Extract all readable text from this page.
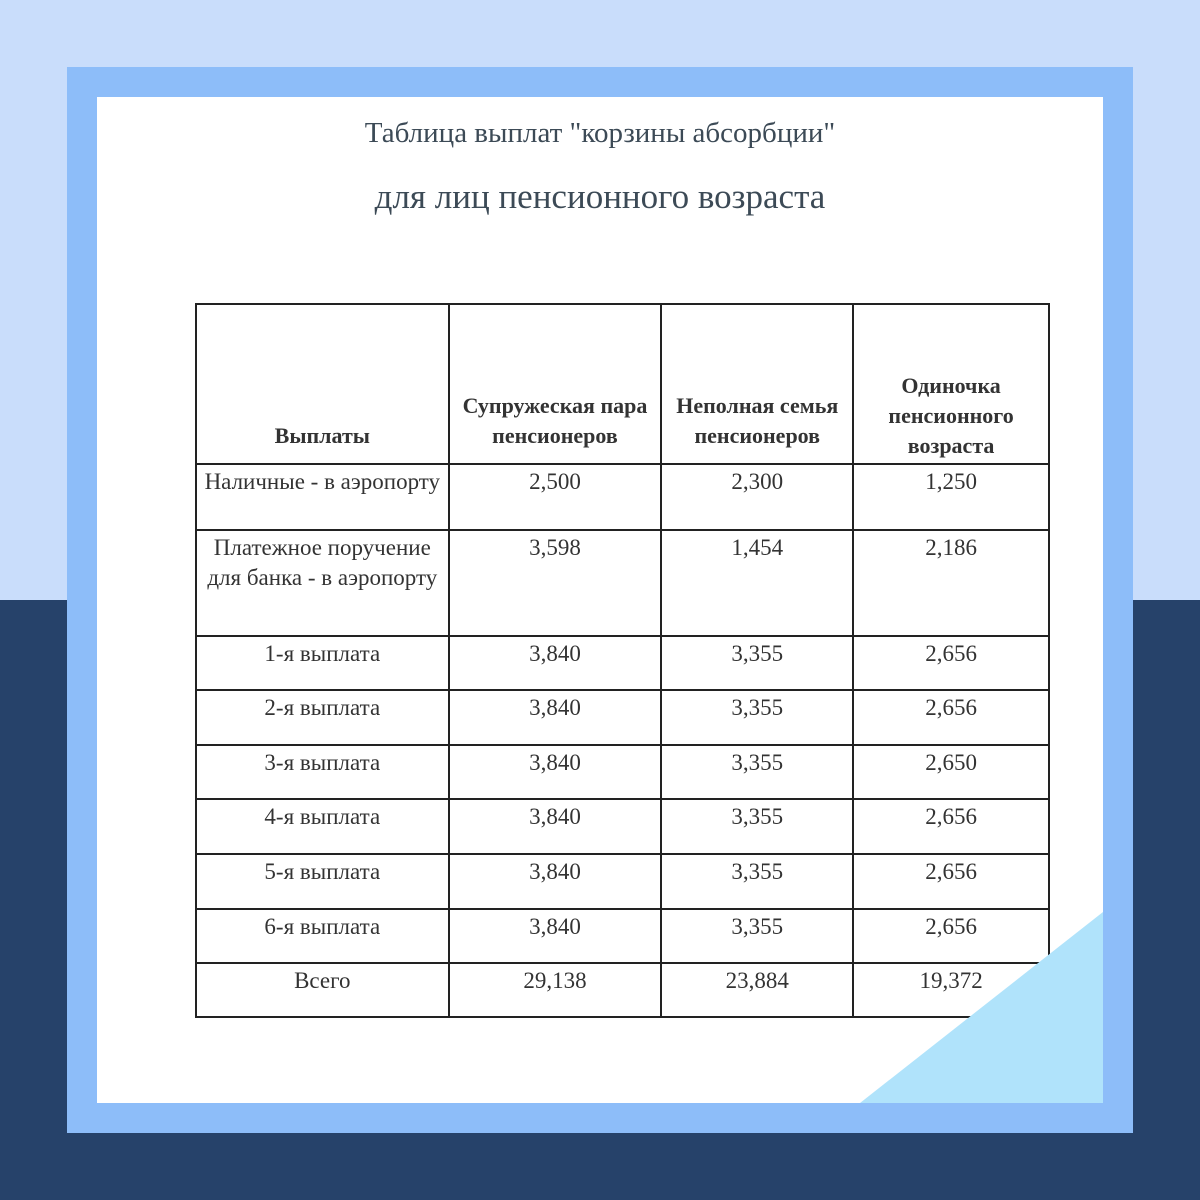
Таблица выплат "корзины абсорбции"
для лиц пенсионного возраста
Выплаты	Супружеская пара пенсионеров	Неполная семья пенсионеров	Одиночка пенсионного возраста
Наличные - в аэропорту	2,500	2,300	1,250
Платежное поручение для банка - в аэропорту	3,598	1,454	2,186
1-я выплата	3,840	3,355	2,656
2-я выплата	3,840	3,355	2,656
3-я выплата	3,840	3,355	2,650
4-я выплата	3,840	3,355	2,656
5-я выплата	3,840	3,355	2,656
6-я выплата	3,840	3,355	2,656
Всего	29,138	23,884	19,372
